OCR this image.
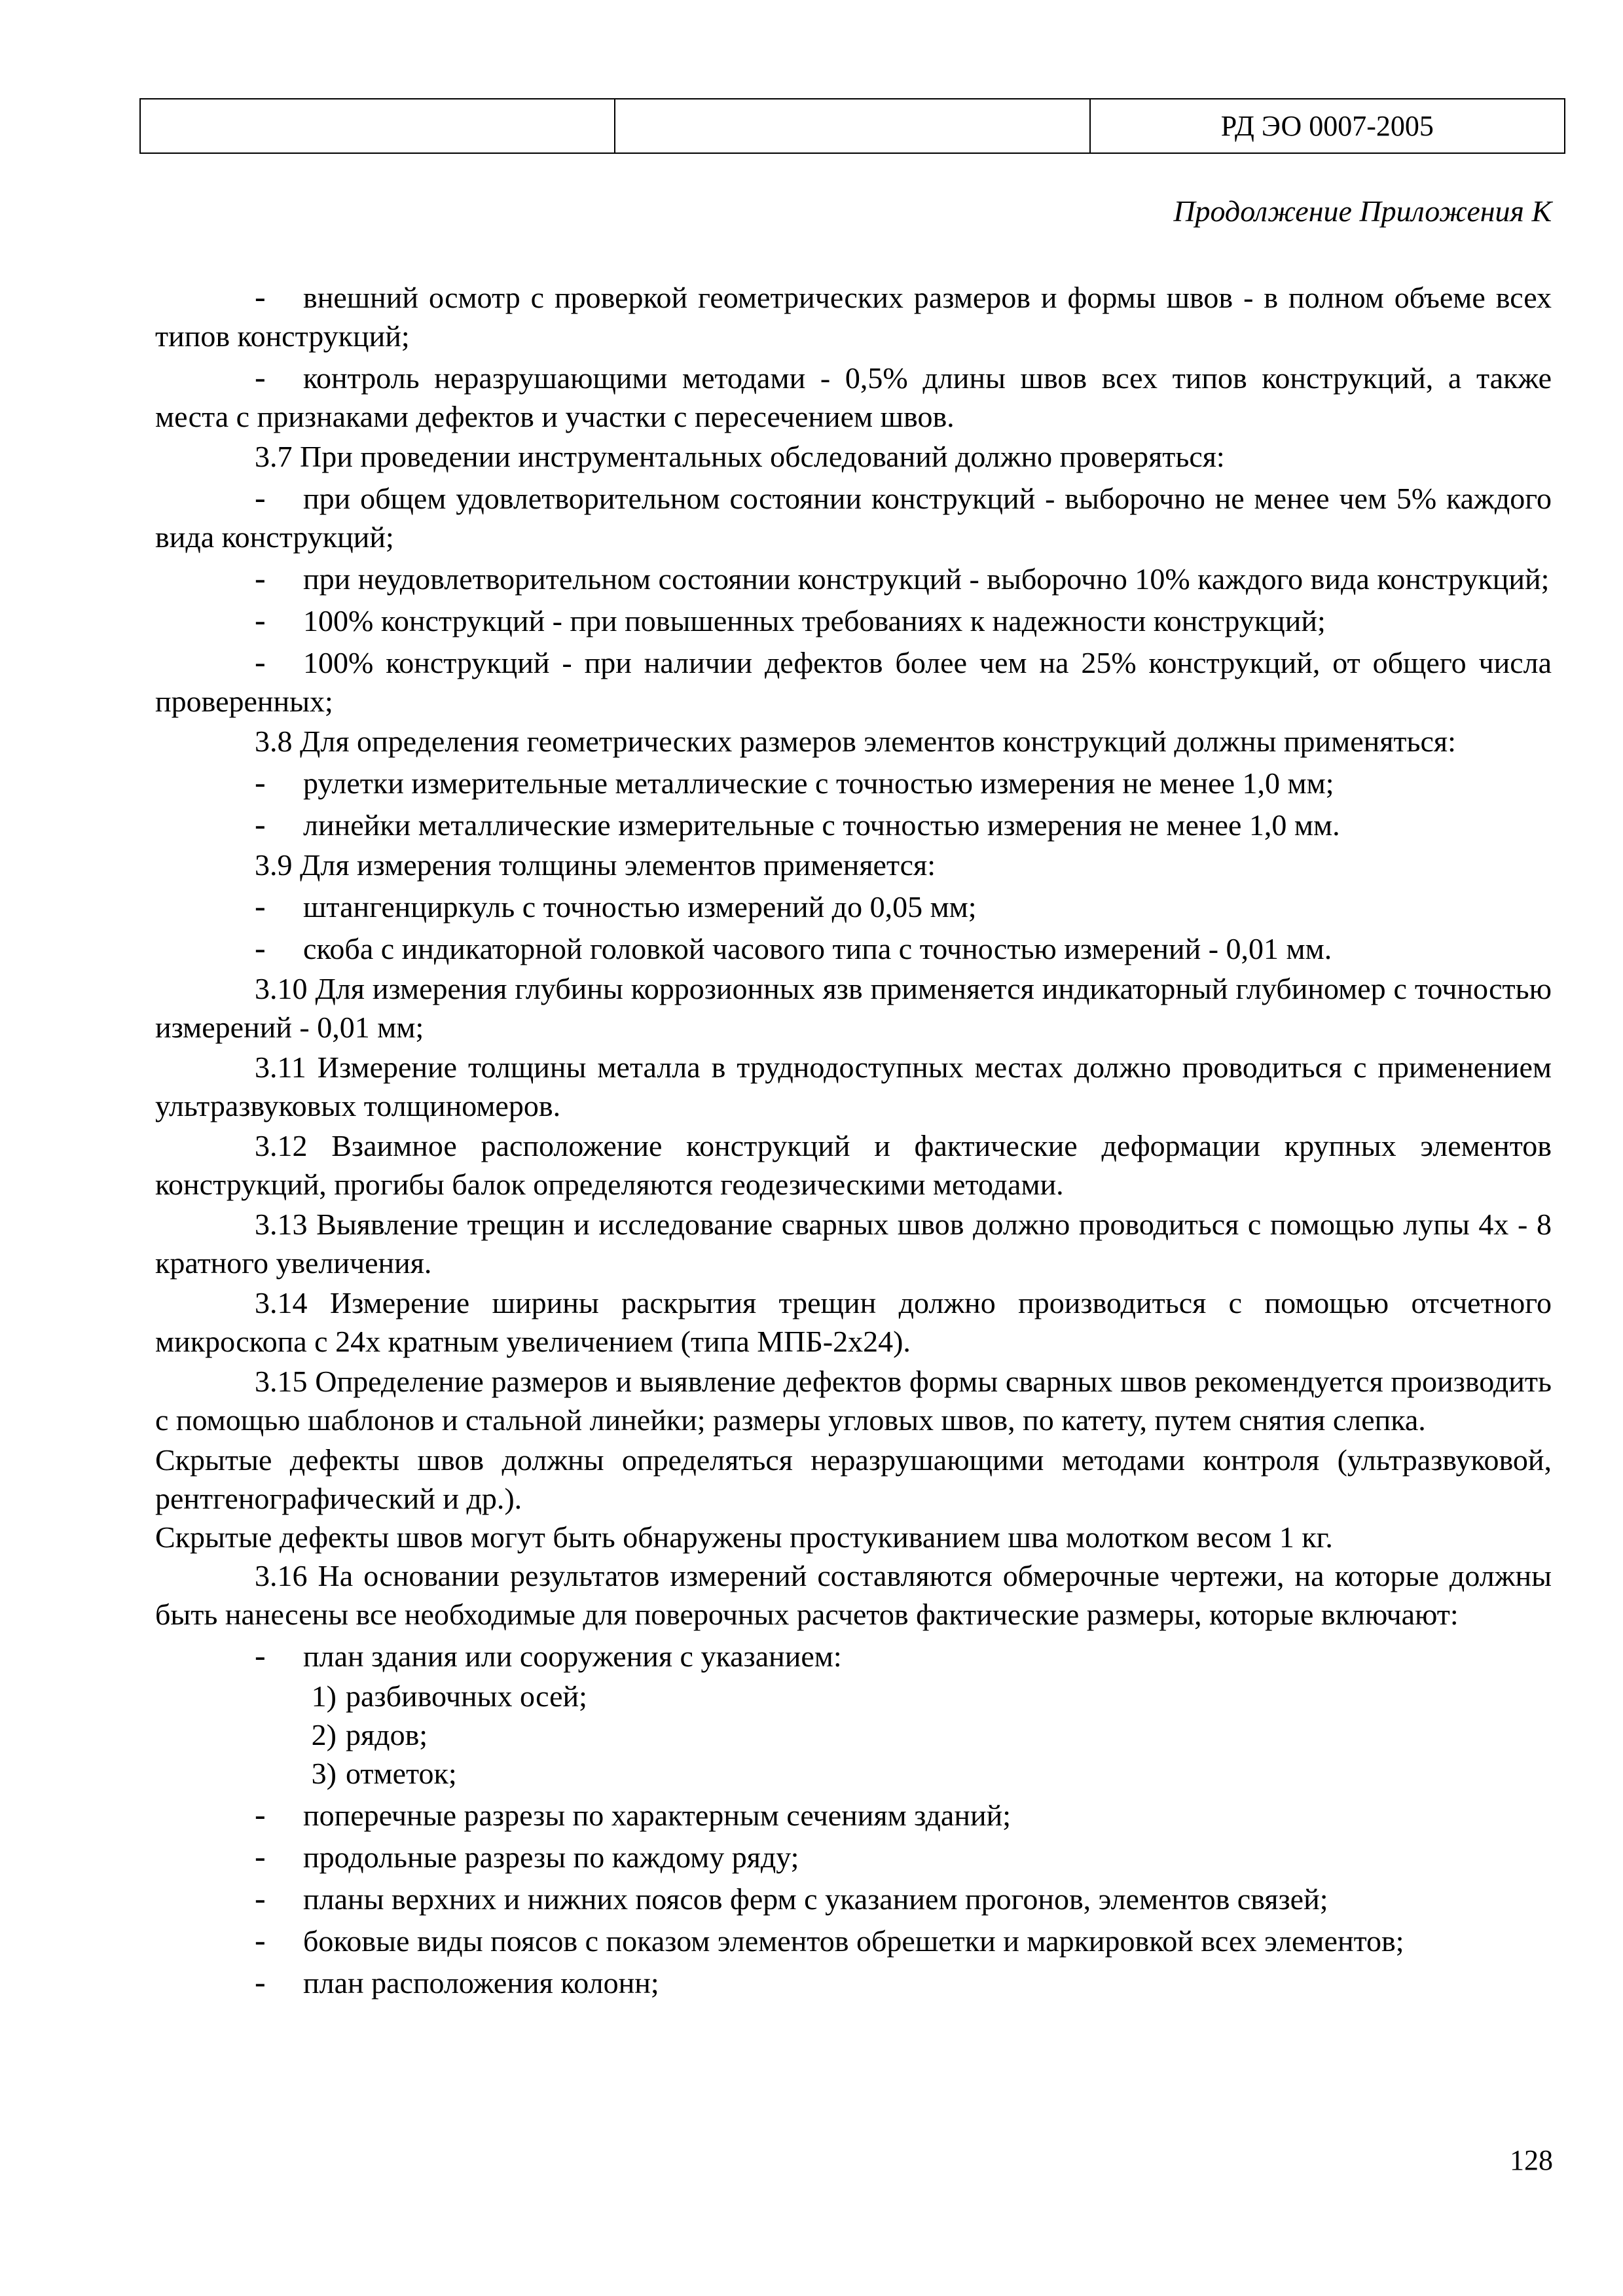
		РД ЭО 0007-2005
Продолжение Приложения К
- внешний осмотр с проверкой геометрических размеров и формы швов - в полном объеме всех типов конструкций;
- контроль неразрушающими методами - 0,5% длины швов всех типов конструкций, а также места с признаками дефектов и участки с пересечением швов.
3.7 При проведении инструментальных обследований должно проверяться:
- при общем удовлетворительном состоянии конструкций - выборочно не менее чем 5% каждого вида конструкций;
- при неудовлетворительном состоянии конструкций - выборочно 10% каждого вида конструкций;
- 100% конструкций - при повышенных требованиях к надежности конструкций;
- 100% конструкций - при наличии дефектов более чем на 25% конструкций, от общего числа проверенных;
3.8 Для определения геометрических размеров элементов конструкций должны применяться:
- рулетки измерительные металлические с точностью измерения не менее 1,0 мм;
- линейки металлические измерительные с точностью измерения не менее 1,0 мм.
3.9 Для измерения толщины элементов применяется:
- штангенциркуль с точностью измерений до 0,05 мм;
- скоба с индикаторной головкой часового типа с точностью измерений - 0,01 мм.
3.10 Для измерения глубины коррозионных язв применяется индикаторный глубиномер с точностью измерений - 0,01 мм;
3.11 Измерение толщины металла в труднодоступных местах должно проводиться с применением ультразвуковых толщиномеров.
3.12 Взаимное расположение конструкций и фактические деформации крупных элементов конструкций, прогибы балок определяются геодезическими методами.
3.13 Выявление трещин и исследование сварных швов должно проводиться с помощью лупы 4х - 8 кратного увеличения.
3.14 Измерение ширины раскрытия трещин должно производиться с помощью отсчетного микроскопа с 24х кратным увеличением (типа МПБ-2х24).
3.15 Определение размеров и выявление дефектов формы сварных швов рекомендуется производить с помощью шаблонов и стальной линейки; размеры угловых швов, по катету, путем снятия слепка.
Скрытые дефекты швов должны определяться неразрушающими методами контроля (ультразвуковой, рентгенографический и др.).
Скрытые дефекты швов могут быть обнаружены простукиванием шва молотком весом 1 кг.
3.16 На основании результатов измерений составляются обмерочные чертежи, на которые должны быть нанесены все необходимые для поверочных расчетов фактические размеры, которые включают:
- план здания или сооружения с указанием:
1) разбивочных осей;
2) рядов;
3) отметок;
- поперечные разрезы по характерным сечениям зданий;
- продольные разрезы по каждому ряду;
- планы верхних и нижних поясов ферм с указанием прогонов, элементов связей;
- боковые виды поясов с показом элементов обрешетки и маркировкой всех элементов;
- план расположения колонн;
128
